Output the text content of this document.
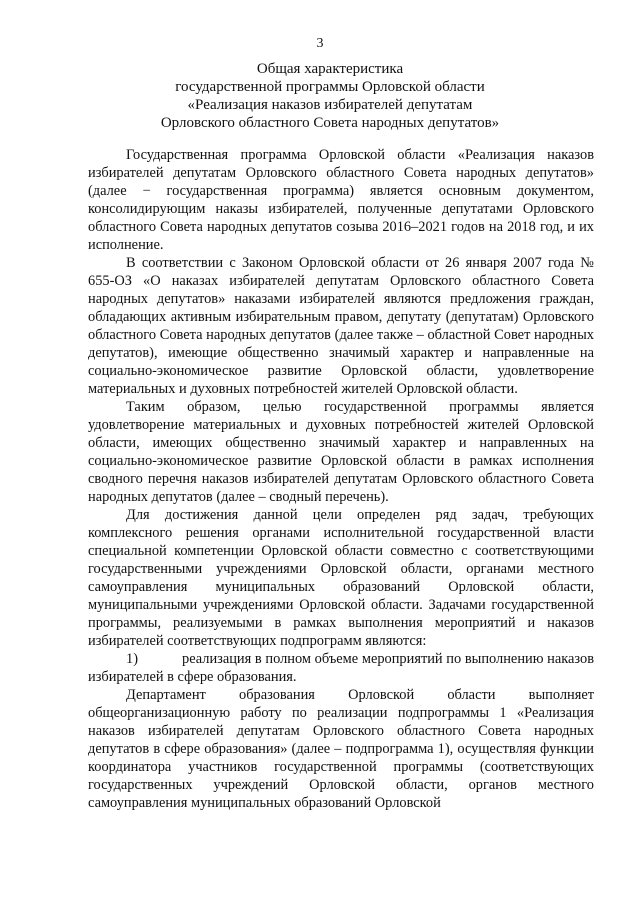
3
Общая характеристика
государственной программы Орловской области
«Реализация наказов избирателей депутатам
Орловского областного Совета народных депутатов»

Государственная программа Орловской области «Реализация наказов избирателей депутатам Орловского областного Совета народных депутатов» (далее − государственная программа) является основным документом, консолидирующим наказы избирателей, полученные депутатами Орловского областного Совета народных депутатов созыва 2016–2021 годов на 2018 год, и их исполнение.

В соответствии с Законом Орловской области от 26 января 2007 года № 655-ОЗ «О наказах избирателей депутатам Орловского областного Совета народных депутатов» наказами избирателей являются предложения граждан, обладающих активным избирательным правом, депутату (депутатам) Орловского областного Совета народных депутатов (далее также – областной Совет народных депутатов), имеющие общественно значимый характер и направленные на социально-экономическое развитие Орловской области, удовлетворение материальных и духовных потребностей жителей Орловской области.

Таким образом, целью государственной программы является удовлетворение материальных и духовных потребностей жителей Орловской области, имеющих общественно значимый характер и направленных на социально-экономическое развитие Орловской области в рамках исполнения сводного перечня наказов избирателей депутатам Орловского областного Совета народных депутатов (далее – сводный перечень).

Для достижения данной цели определен ряд задач, требующих комплексного решения органами исполнительной государственной власти специальной компетенции Орловской области совместно с соответствующими государственными учреждениями Орловской области, органами местного самоуправления муниципальных образований Орловской области, муниципальными учреждениями Орловской области. Задачами государственной программы, реализуемыми в рамках выполнения мероприятий и наказов избирателей соответствующих подпрограмм являются:

1)	реализация в полном объеме мероприятий по выполнению наказов избирателей в сфере образования.

Департамент образования Орловской области выполняет общеорганизационную работу по реализации подпрограммы 1 «Реализация наказов избирателей депутатам Орловского областного Совета народных депутатов в сфере образования» (далее – подпрограмма 1), осуществляя функции координатора участников государственной программы (соответствующих государственных учреждений Орловской области, органов местного самоуправления муниципальных образований Орловской
